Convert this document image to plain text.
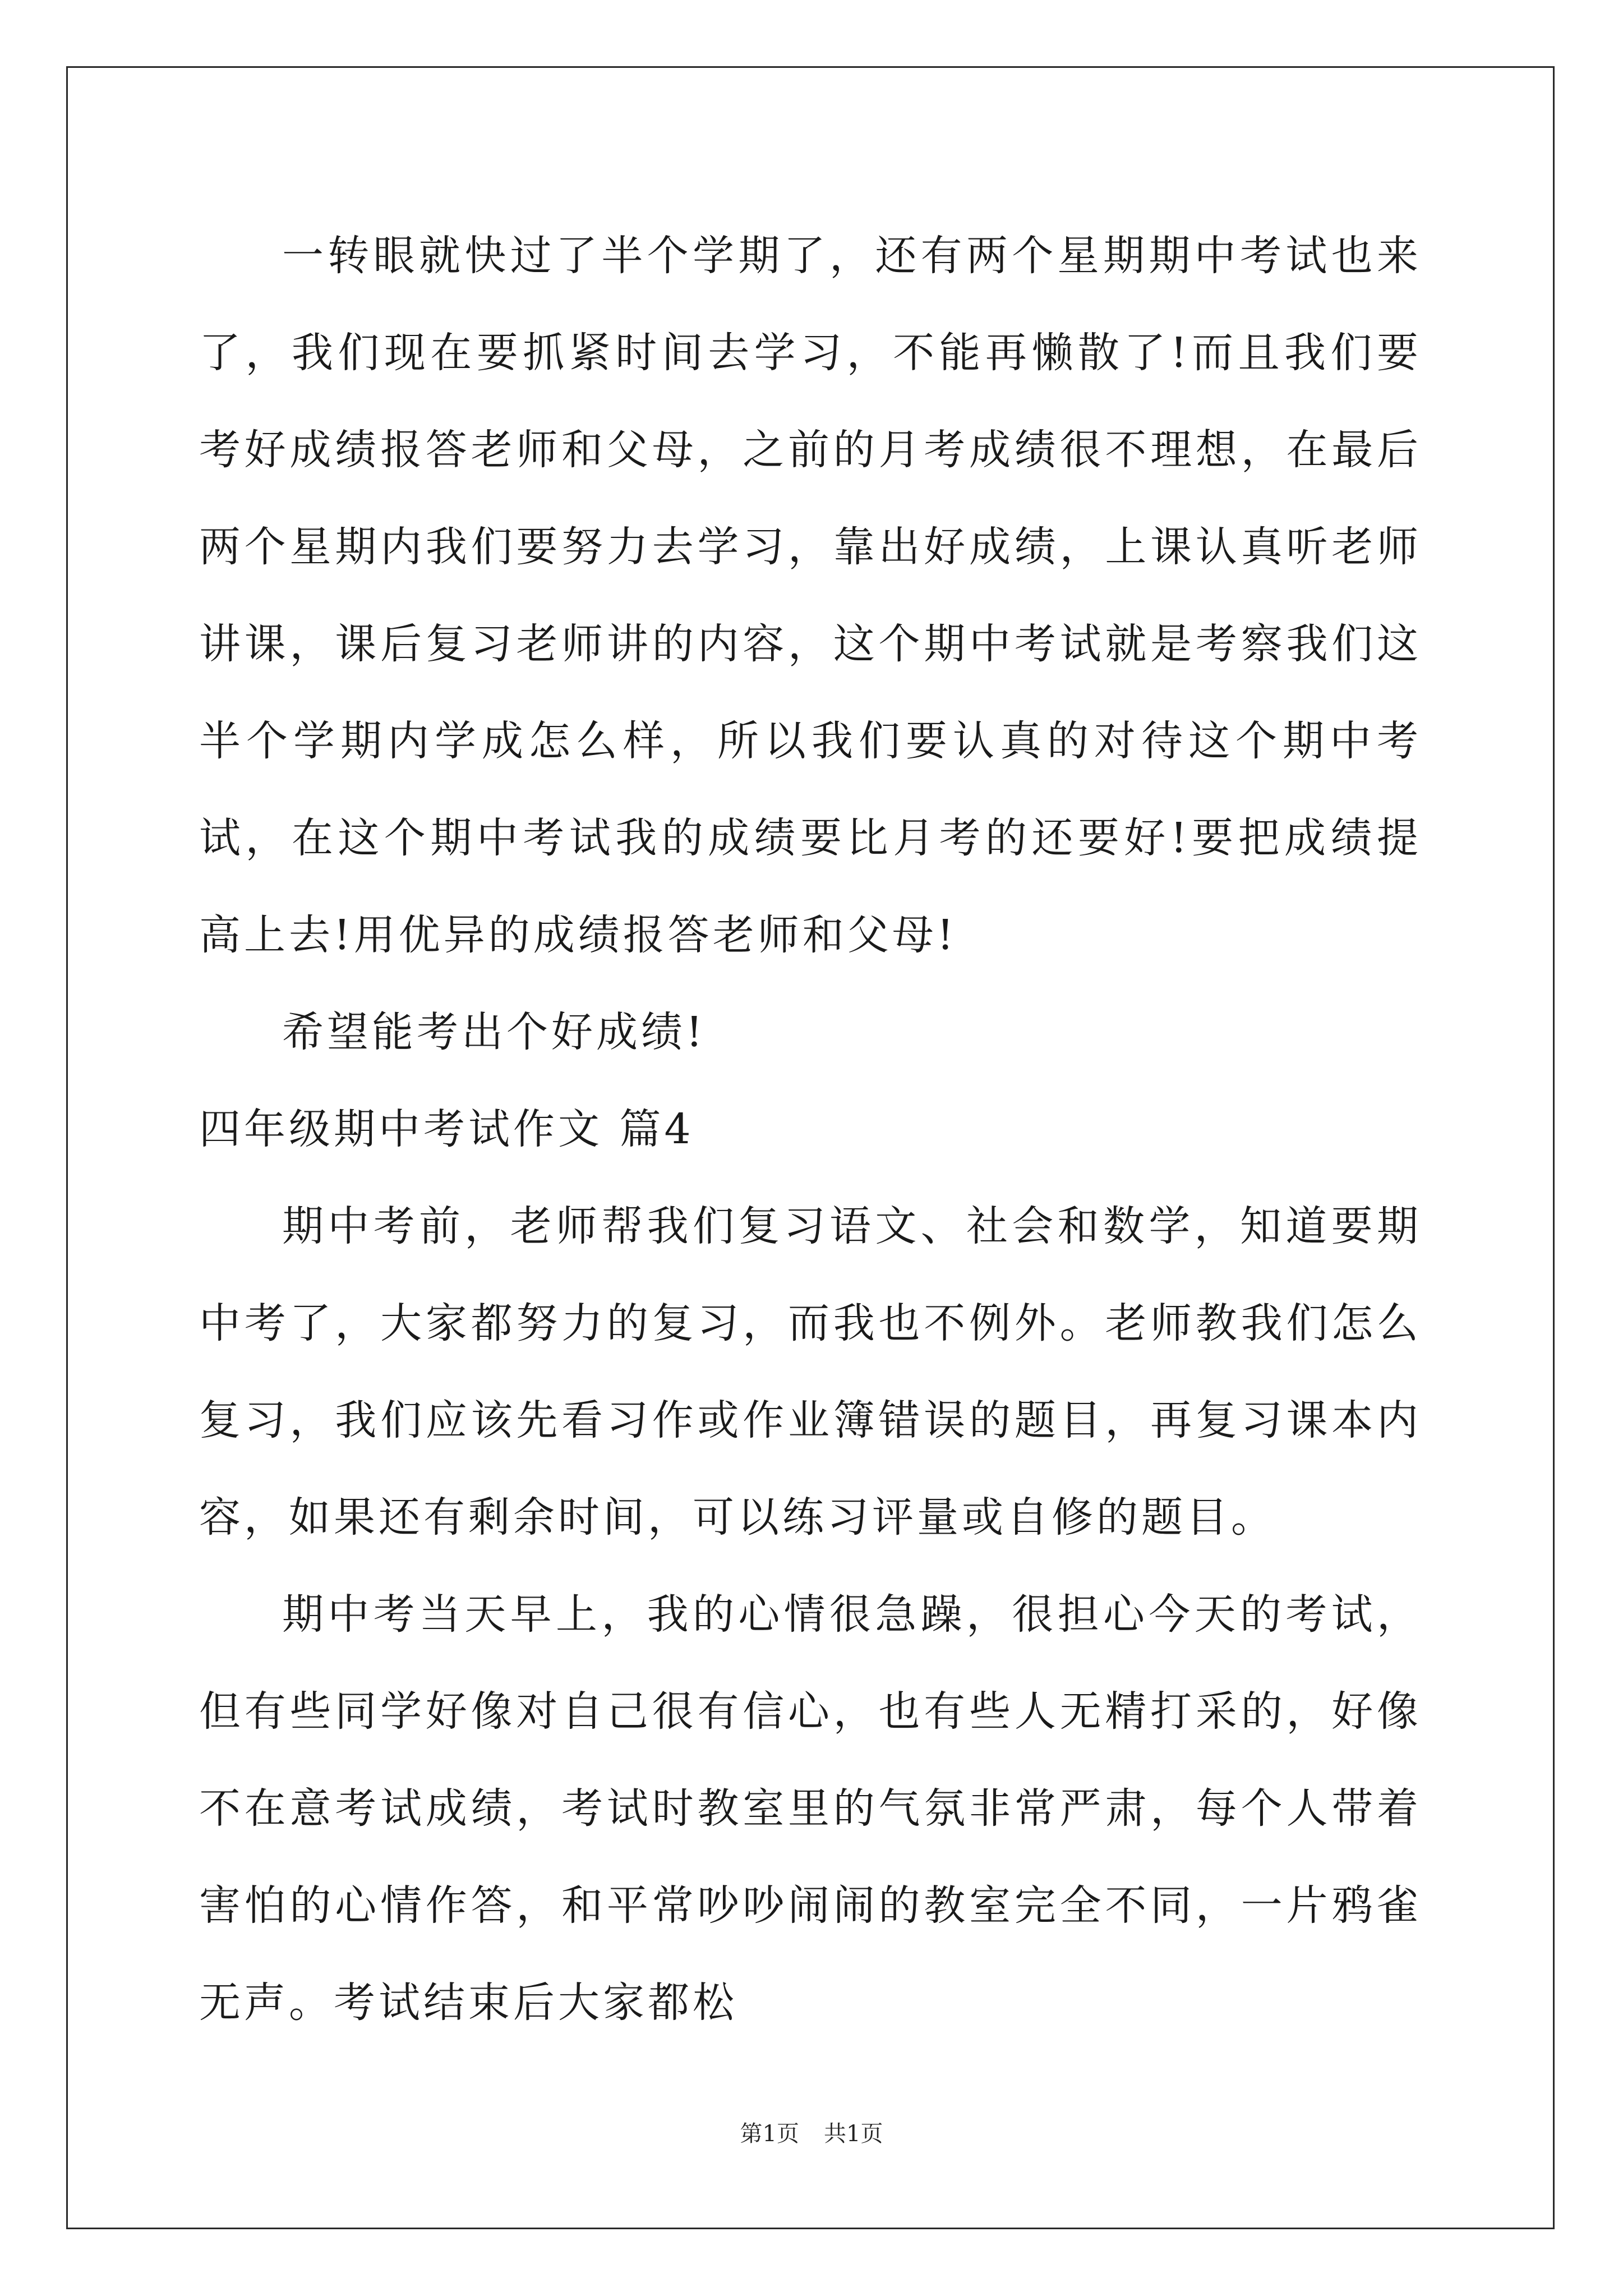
一转眼就快过了半个学期了，还有两个星期期中考试也来了，我们现在要抓紧时间去学习，不能再懒散了!而且我们要考好成绩报答老师和父母，之前的月考成绩很不理想，在最后两个星期内我们要努力去学习，靠出好成绩，上课认真听老师讲课，课后复习老师讲的内容，这个期中考试就是考察我们这半个学期内学成怎么样，所以我们要认真的对待这个期中考试，在这个期中考试我的成绩要比月考的还要好!要把成绩提高上去!用优异的成绩报答老师和父母!

希望能考出个好成绩!

四年级期中考试作文 篇4

期中考前，老师帮我们复习语文、社会和数学，知道要期中考了，大家都努力的复习，而我也不例外。老师教我们怎么复习，我们应该先看习作或作业簿错误的题目，再复习课本内容，如果还有剩余时间，可以练习评量或自修的题目。

期中考当天早上，我的心情很急躁，很担心今天的考试，但有些同学好像对自己很有信心，也有些人无精打采的，好像不在意考试成绩，考试时教室里的气氛非常严肃，每个人带着害怕的心情作答，和平常吵吵闹闹的教室完全不同，一片鸦雀无声。考试结束后大家都松

第1页 共1页
